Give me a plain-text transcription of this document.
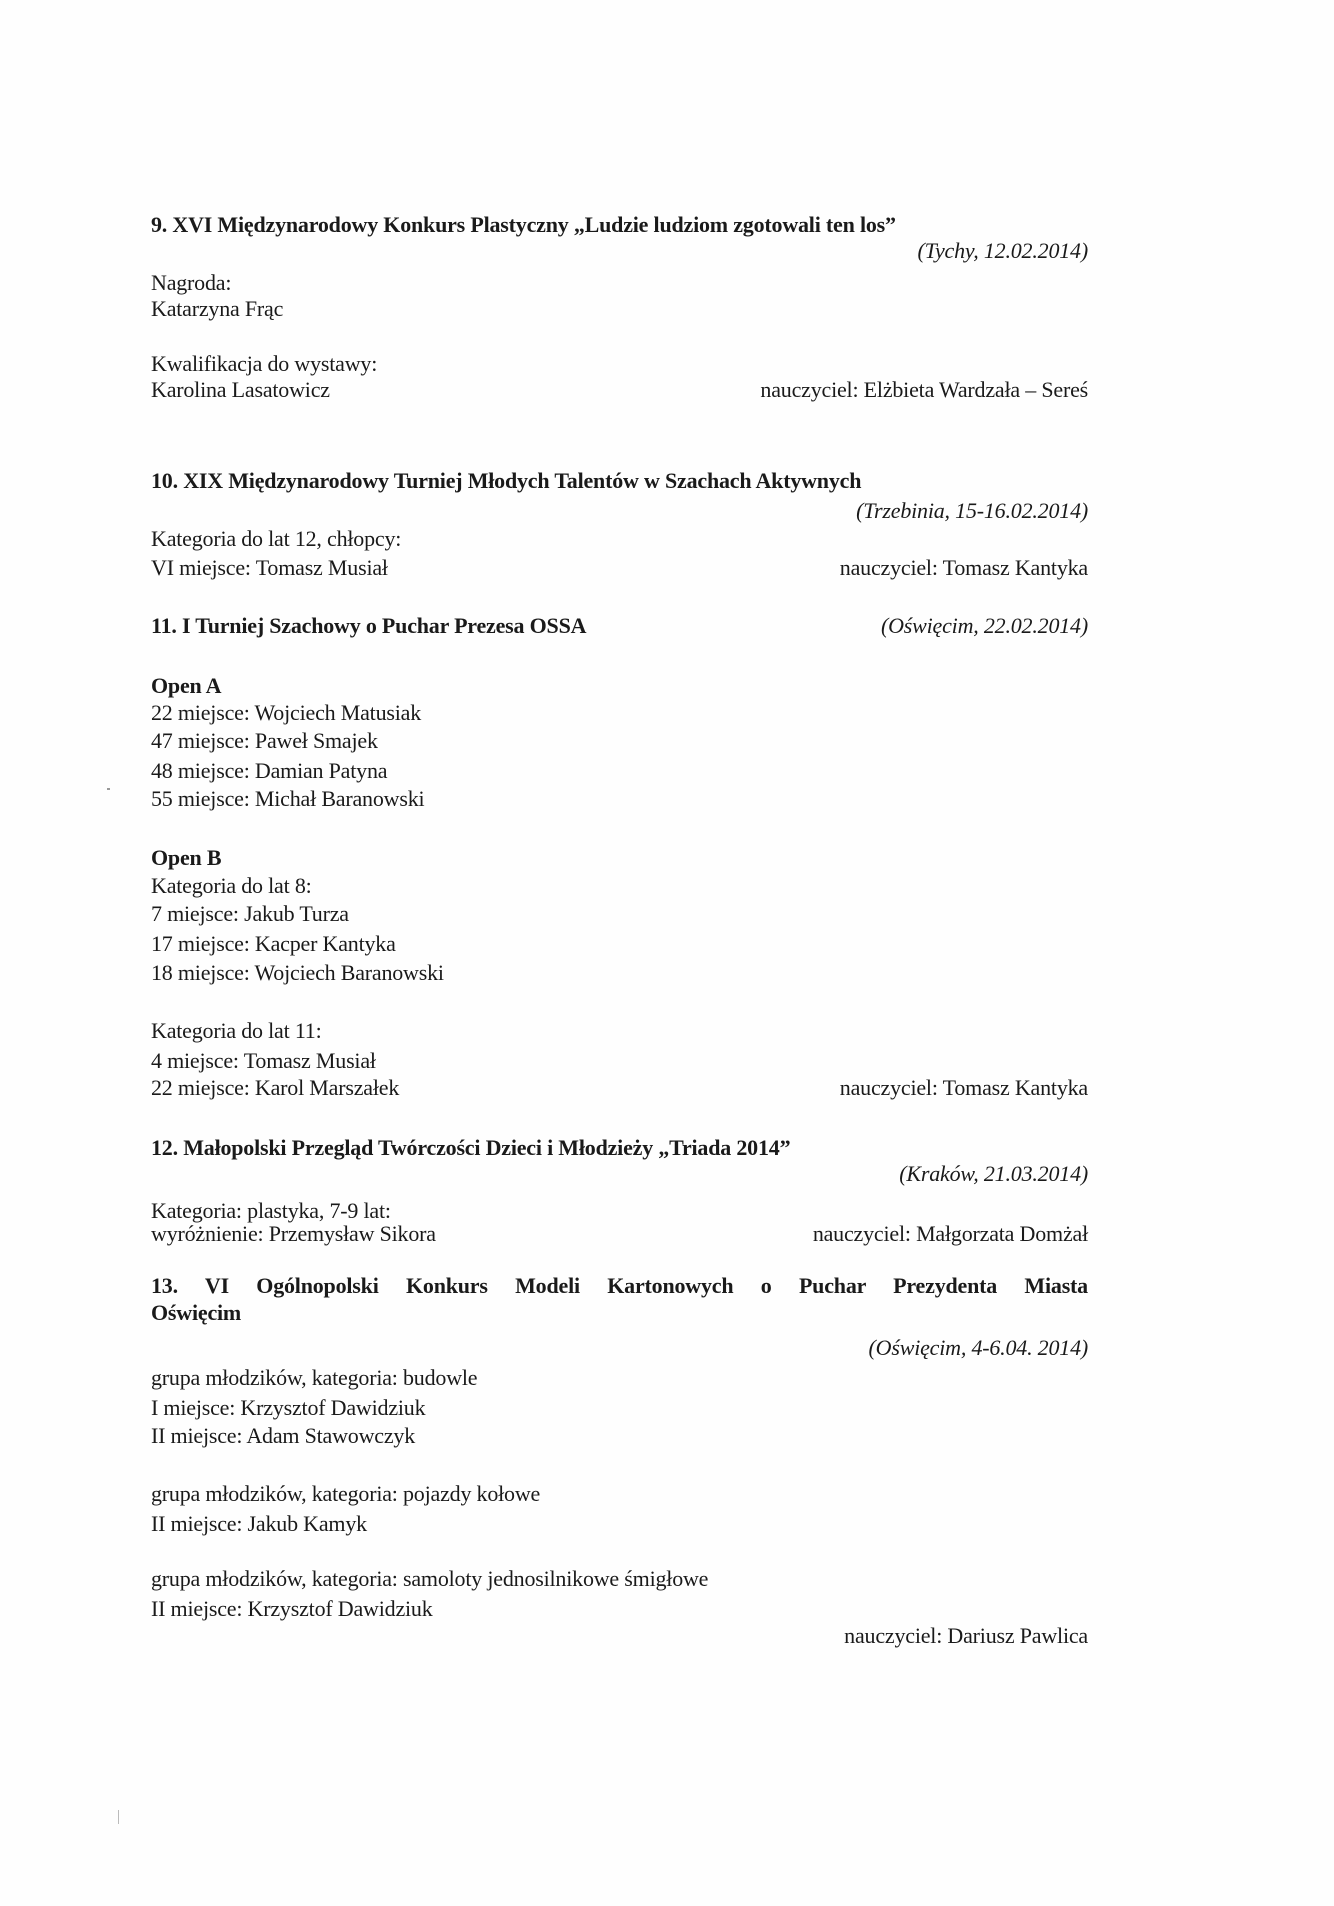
9. XVI Międzynarodowy Konkurs Plastyczny „Ludzie ludziom zgotowali ten los”
(Tychy, 12.02.2014)
Nagroda:
Katarzyna Frąc
Kwalifikacja do wystawy:
Karolina Lasatowicz	nauczyciel: Elżbieta Wardzała – Sereś
10. XIX Międzynarodowy Turniej Młodych Talentów w Szachach Aktywnych
(Trzebinia, 15-16.02.2014)
Kategoria do lat 12, chłopcy:
VI miejsce: Tomasz Musiał	nauczyciel: Tomasz Kantyka
11. I Turniej Szachowy o Puchar Prezesa OSSA	(Oświęcim, 22.02.2014)
Open A
22 miejsce: Wojciech Matusiak
47 miejsce: Paweł Smajek
48 miejsce: Damian Patyna
55 miejsce: Michał Baranowski
Open B
Kategoria do lat 8:
7 miejsce: Jakub Turza
17 miejsce: Kacper Kantyka
18 miejsce: Wojciech Baranowski
Kategoria do lat 11:
4 miejsce: Tomasz Musiał
22 miejsce: Karol Marszałek	nauczyciel: Tomasz Kantyka
12. Małopolski Przegląd Twórczości Dzieci i Młodzieży „Triada 2014”
(Kraków, 21.03.2014)
Kategoria: plastyka, 7-9 lat:
wyróżnienie: Przemysław Sikora	nauczyciel: Małgorzata Domżał
13. VI Ogólnopolski Konkurs Modeli Kartonowych o Puchar Prezydenta Miasta
Oświęcim
(Oświęcim, 4-6.04. 2014)
grupa młodzików, kategoria: budowle
I miejsce: Krzysztof Dawidziuk
II miejsce: Adam Stawowczyk
grupa młodzików, kategoria: pojazdy kołowe
II miejsce: Jakub Kamyk
grupa młodzików, kategoria: samoloty jednosilnikowe śmigłowe
II miejsce: Krzysztof Dawidziuk
nauczyciel: Dariusz Pawlica
